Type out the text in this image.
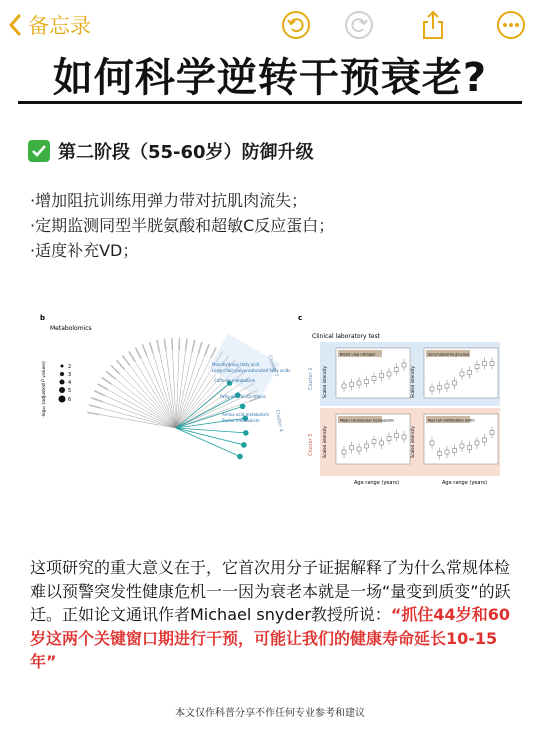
备忘录
如何科学逆转干预衰老?
第二阶段（55-60岁）防御升级
·增加阻抗训练用弹力带对抗肌肉流失；
·定期监测同型半胱氨酸和超敏C反应蛋白；
·适度补充VD；
b
Metabolomics
-log₁₀ (adjusted P values)	2
3
4
5
6
Cluster 2
Cluster 4
Caffeine metabolism
Fatty acid biosynthesis
Amino acid metabolism
Purine metabolism
Monohydroxy fatty acid
Long-chain polyunsaturated fatty acids
c
Clinical laboratory test
Cluster 2
Cluster 5
Scaled intensity	Scaled intensity
Scaled intensity	Scaled intensity
Blood urea nitrogen	Serum/plasma glucose
Mean corpuscular hemoglobin	Red cell distribution width
Age range (years)	Age range (years)
这项研究的重大意义在于，它首次用分子证据解释了为什么常规体检难以预警突发性健康危机一一因为衰老本就是一场“量变到质变”的跃迁。正如论文通讯作者Michael snyder教授所说：“抓住44岁和60岁这两个关键窗口期进行干预，可能让我们的健康寿命延长10-15年”
本文仅作科普分享不作任何专业参考和建议
